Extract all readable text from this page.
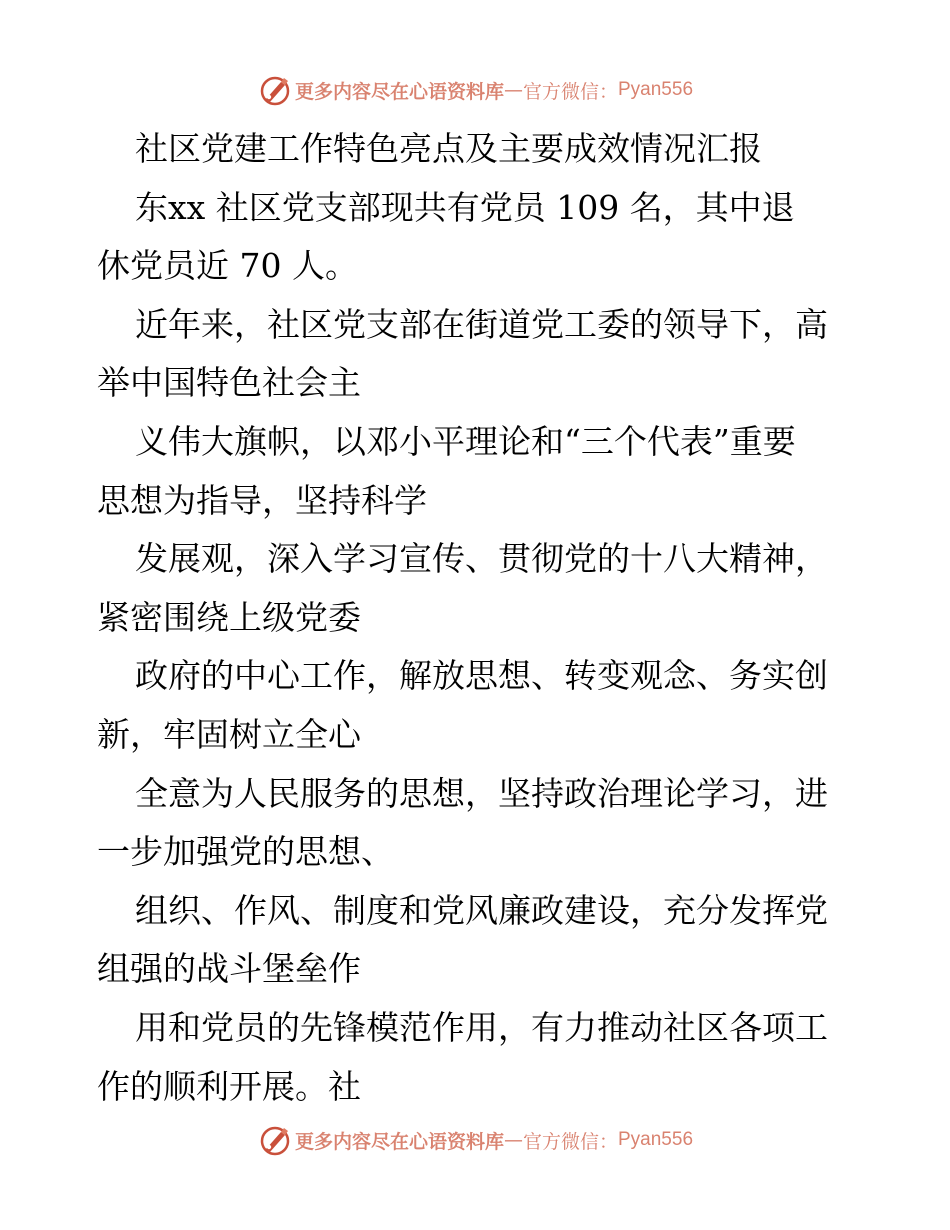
更多内容尽在心语资料库 — 官方微信： Pyan556
社区党建工作特色亮点及主要成效情况汇报
东xx 社区党支部现共有党员 109 名，其中退
休党员近 70 人。
近年来，社区党支部在街道党工委的领导下，高
举中国特色社会主
义伟大旗帜，以邓小平理论和“三个代表”重要
思想为指导，坚持科学
发展观，深入学习宣传、贯彻党的十八大精神，
紧密围绕上级党委
政府的中心工作，解放思想、转变观念、务实创
新，牢固树立全心
全意为人民服务的思想，坚持政治理论学习，进
一步加强党的思想、
组织、作风、制度和党风廉政建设，充分发挥党
组强的战斗堡垒作
用和党员的先锋模范作用，有力推动社区各项工
作的顺利开展。社
更多内容尽在心语资料库 — 官方微信： Pyan556
